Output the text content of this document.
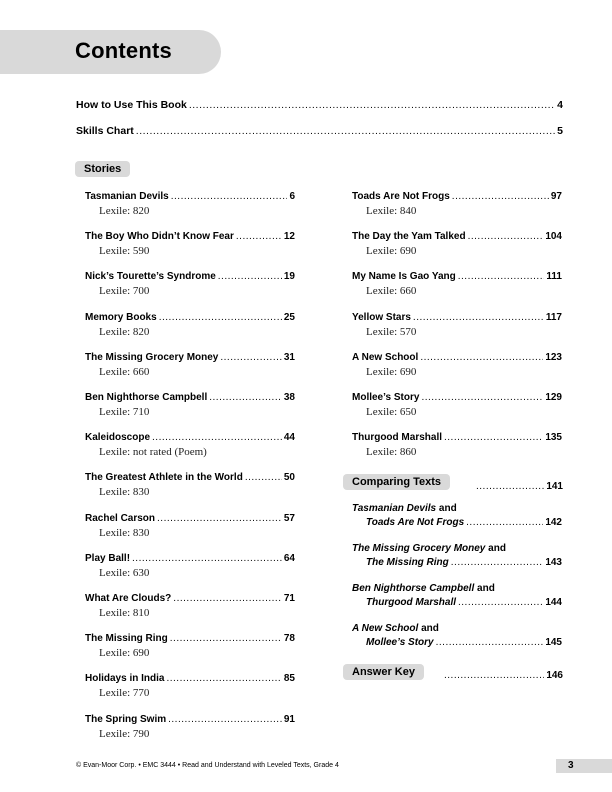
Contents
How to Use This Book .....	4
Skills Chart .....	5
Stories
Tasmanian Devils .....	6
Lexile: 820
The Boy Who Didn’t Know Fear .....	12
Lexile: 590
Nick’s Tourette’s Syndrome .....	19
Lexile: 700
Memory Books .....	25
Lexile: 820
The Missing Grocery Money .....	31
Lexile: 660
Ben Nighthorse Campbell .....	38
Lexile: 710
Kaleidoscope .....	44
Lexile: not rated (Poem)
The Greatest Athlete in the World .....	50
Lexile: 830
Rachel Carson .....	57
Lexile: 830
Play Ball! .....	64
Lexile: 630
What Are Clouds? .....	71
Lexile: 810
The Missing Ring .....	78
Lexile: 690
Holidays in India .....	85
Lexile: 770
The Spring Swim .....	91
Lexile: 790
Toads Are Not Frogs .....	97
Lexile: 840
The Day the Yam Talked .....	104
Lexile: 690
My Name Is Gao Yang .....	111
Lexile: 660
Yellow Stars .....	117
Lexile: 570
A New School .....	123
Lexile: 690
Mollee’s Story .....	129
Lexile: 650
Thurgood Marshall .....	135
Lexile: 860
Comparing Texts .....	141
Tasmanian Devils and
Toads Are Not Frogs .....	142
The Missing Grocery Money and
The Missing Ring .....	143
Ben Nighthorse Campbell and
Thurgood Marshall .....	144
A New School and
Mollee’s Story .....	145
Answer Key .....	146
© Evan-Moor Corp. • EMC 3444 • Read and Understand with Leveled Texts, Grade 4	3
